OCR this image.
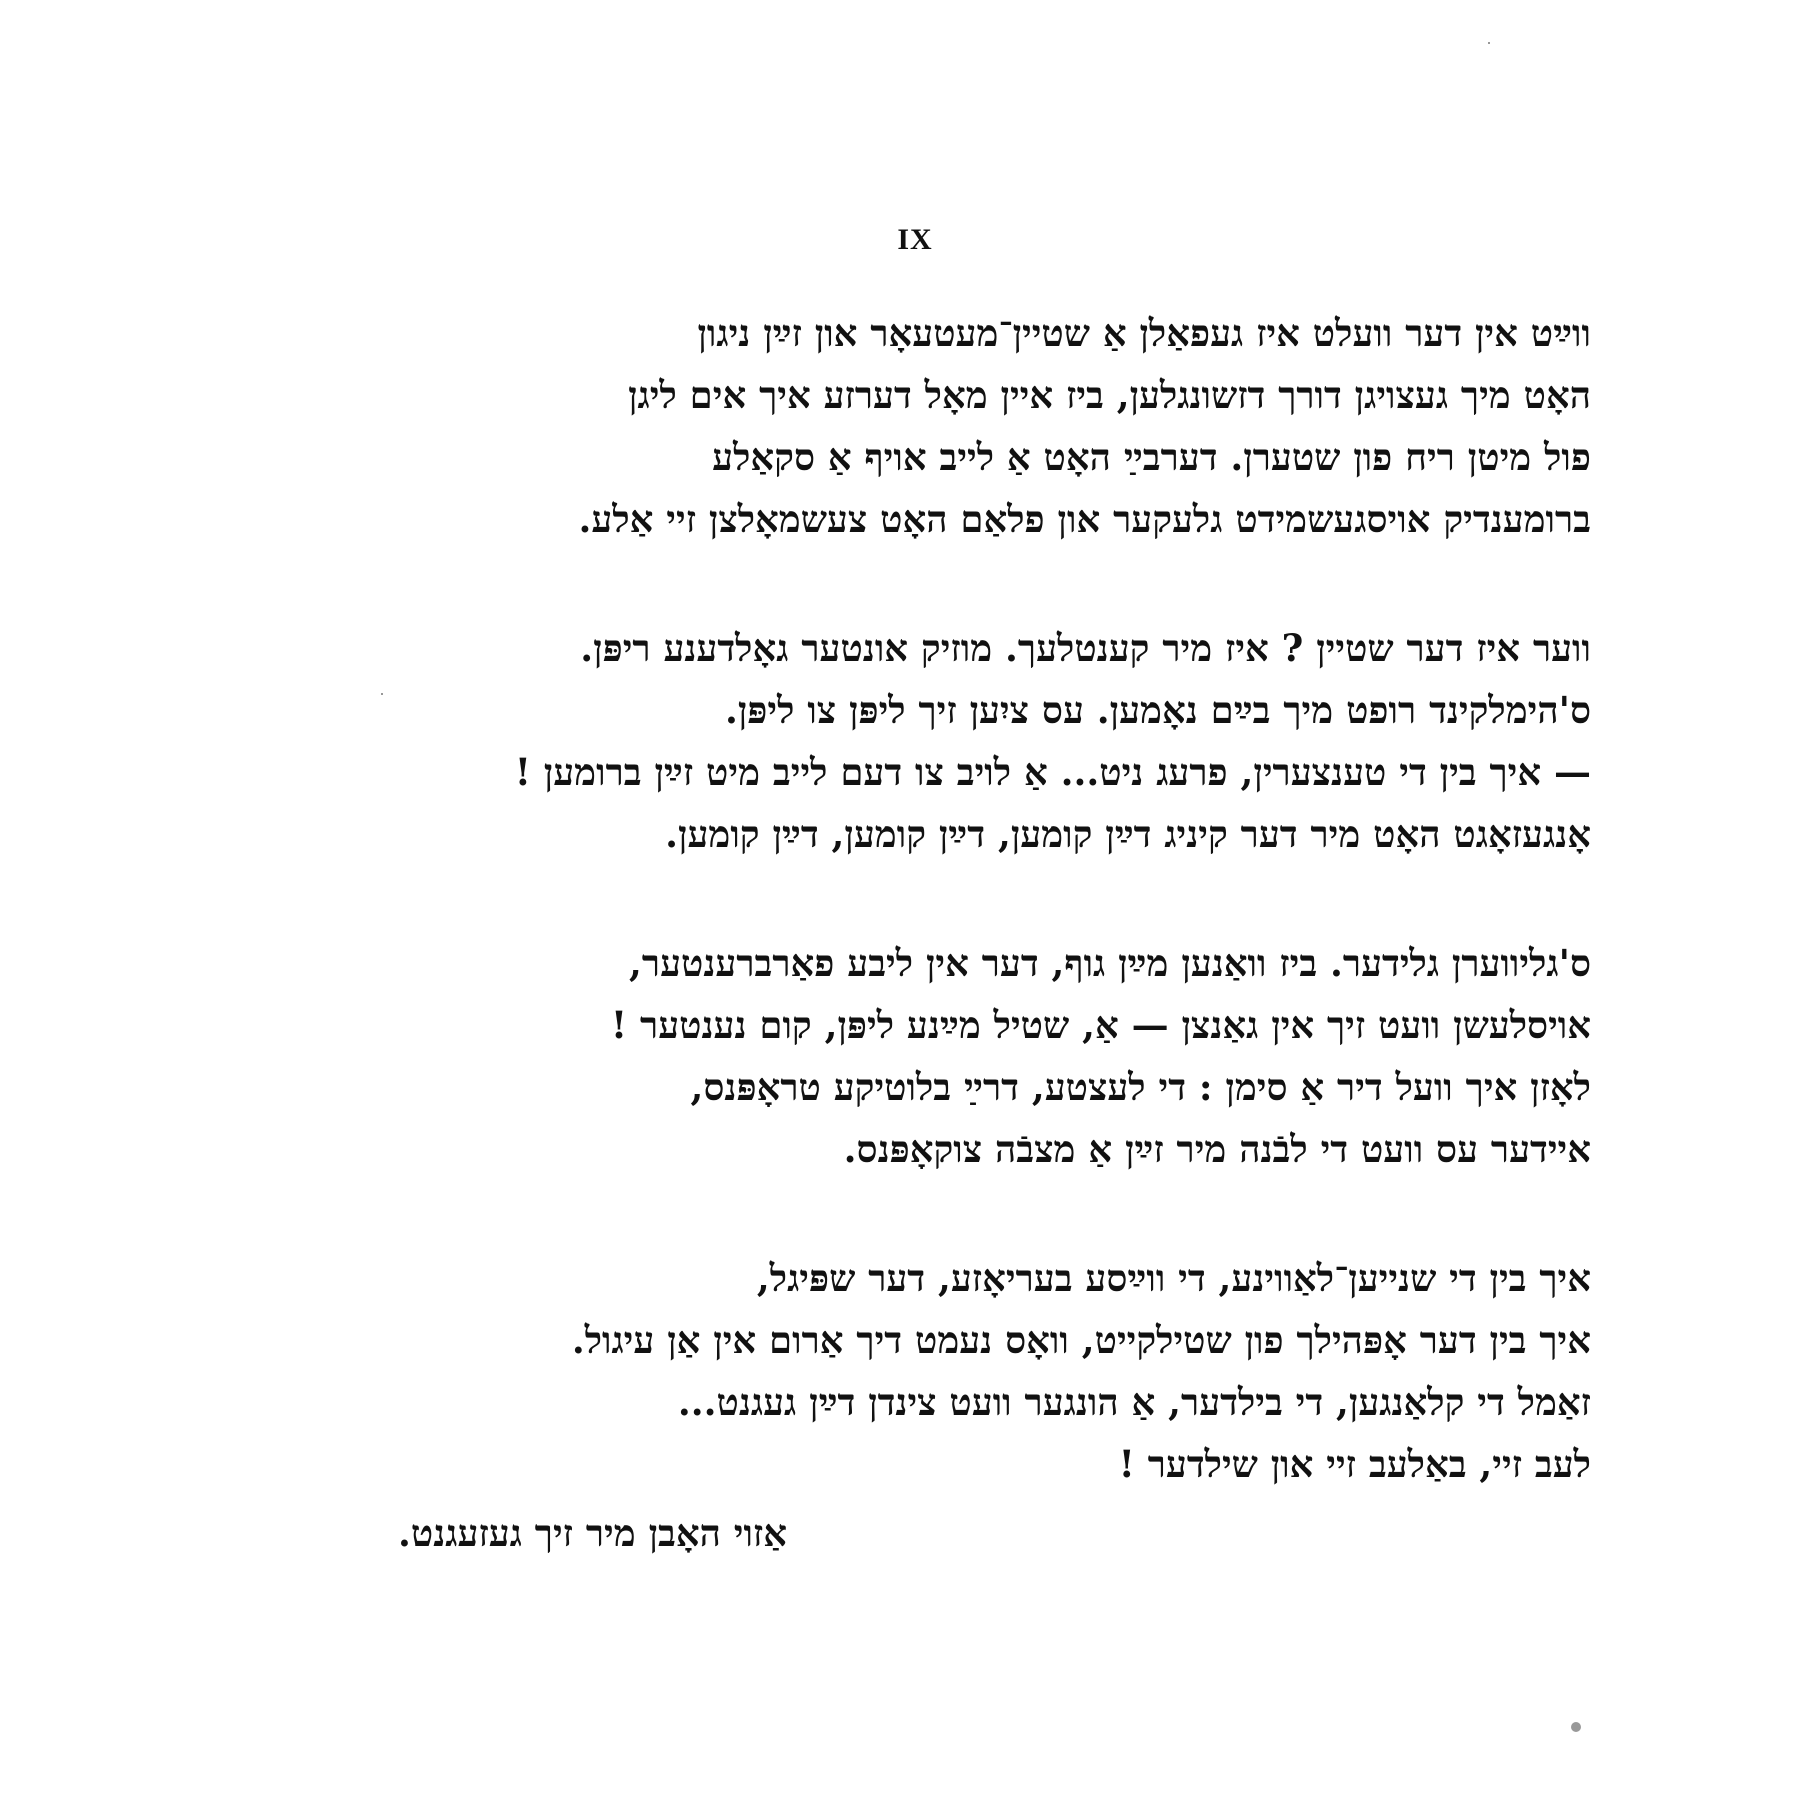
IX
ווײַט אין דער וועלט איז געפאַלן אַ שטיין־מעטעאָר און זײַן ניגון
האָט מיך געצויגן דורך דזשונגלען, ביז איין מאָל דערזע איך אים ליגן
פול מיטן ריח פון שטערן. דערבײַ האָט אַ לייב אויף אַ סקאַלע
ברומענדיק אויסגעשמידט גלעקער און פלאַם האָט צעשמאָלצן זיי אַלע.
ווער איז דער שטיין ? איז מיר קענטלעך. מוזיק אונטער גאָלדענע ריפּן.
ס'הימלקינד רופט מיך בײַם נאָמען. עס ציִען זיך ליפּן צו ליפּן.
— איך בין די טענצערין, פרעג ניט... אַ לויב צו דעם לייב מיט זײַן ברומען !
אָנגעזאָגט האָט מיר דער קיניג דײַן קומען, דײַן קומען, דײַן קומען.
ס'גליווערן גלידער. ביז וואַנען מײַן גוף, דער אין ליבע פאַרברענטער,
אויסלעשן וועט זיך אין גאַנצן — אַ, שטיל מײַנע ליפּן, קום נענטער !
לאָזן איך וועל דיר אַ סימן : די לעצטע, דרײַ בלוטיקע טראָפּנס,
איידער עס וועט די לבֿנה מיר זײַן אַ מצבֿה צוקאָפּנס.
איך בין די שנייען־לאַווינע, די ווײַסע בעריאָזע, דער שפּיגל,
איך בין דער אָפּהילך פון שטילקייט, וואָס נעמט דיך אַרום אין אַן עיגול.
זאַמל די קלאַנגען, די בילדער, אַ הונגער וועט צינדן דײַן געגנט...
לעב זיי, באַלעב זיי און שילדער !
אַזוי האָבן מיר זיך געזעגנט.
